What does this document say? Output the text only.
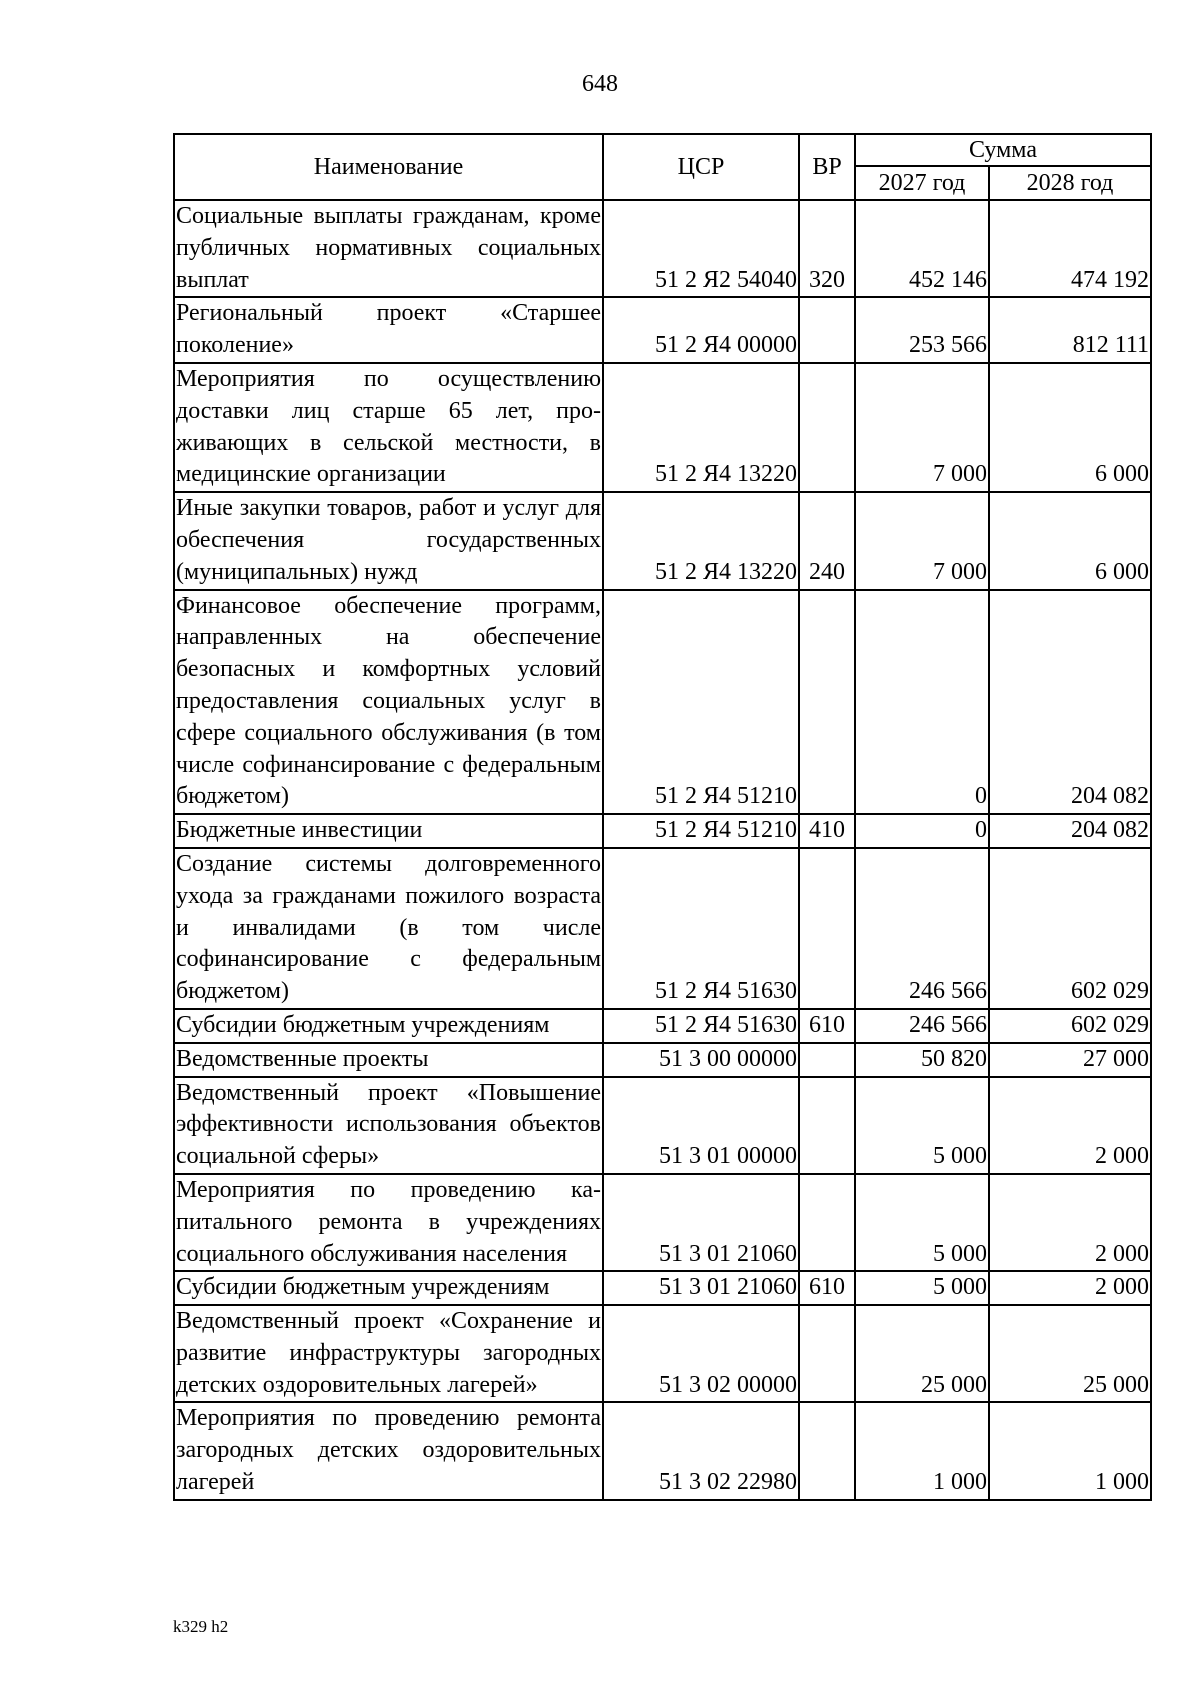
648
Наименование	ЦСР	ВР	Сумма	
			2027 год	2028 год
Социальные выплаты гражданам, кроме публичных нормативных социальных выплат	51 2 Я2 54040	320	452 146	474 192
Региональный проект «Старшее поколение»	51 2 Я4 00000		253 566	812 111
Мероприятия по осуществлению доставки лиц старше 65 лет, проживающих в сельской местности, в медицинские организации	51 2 Я4 13220		7 000	6 000
Иные закупки товаров, работ и услуг для обеспечения государственных (муниципальных) нужд	51 2 Я4 13220	240	7 000	6 000
Финансовое обеспечение программ, направленных на обеспечение безопасных и комфортных условий предоставления социальных услуг в сфере социального обслуживания (в том числе софинансирование с федеральным бюджетом)	51 2 Я4 51210		0	204 082
Бюджетные инвестиции	51 2 Я4 51210	410	0	204 082
Создание системы долговременного ухода за гражданами пожилого возраста и инвалидами (в том числе софинансирование с федеральным бюджетом)	51 2 Я4 51630		246 566	602 029
Субсидии бюджетным учреждениям	51 2 Я4 51630	610	246 566	602 029
Ведомственные проекты	51 3 00 00000		50 820	27 000
Ведомственный проект «Повышение эффективности использования объектов социальной сферы»	51 3 01 00000		5 000	2 000
Мероприятия по проведению капитального ремонта в учреждениях социального обслуживания населения	51 3 01 21060		5 000	2 000
Субсидии бюджетным учреждениям	51 3 01 21060	610	5 000	2 000
Ведомственный проект «Сохранение и развитие инфраструктуры загородных детских оздоровительных лагерей»	51 3 02 00000		25 000	25 000
Мероприятия по проведению ремонта загородных детских оздоровительных лагерей	51 3 02 22980		1 000	1 000
k329 h2
